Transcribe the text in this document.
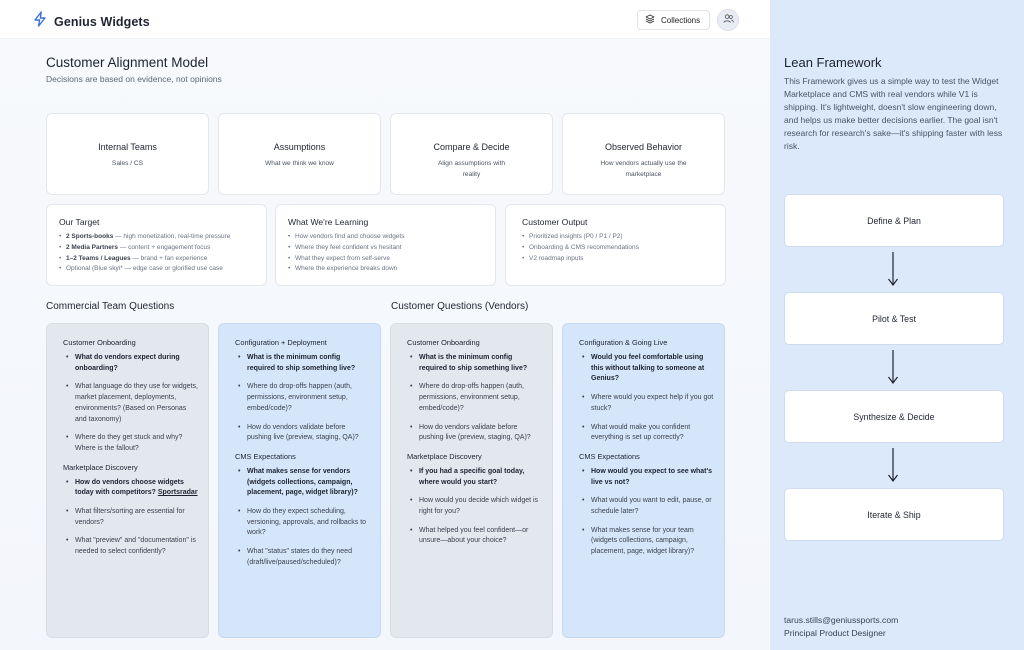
Genius Widgets	Collections
Customer Alignment Model
Decisions are based on evidence, not opinions
Internal Teams
Sales / CS
Assumptions
What we think we know
Compare & Decide
Align assumptions with reality
Observed Behavior
How vendors actually use the marketplace
Our Target
• 2 Sports-books — high monetization, real-time pressure
• 2 Media Partners — content + engagement focus
• 1–2 Teams / Leagues — brand + fan experience
• Optional (Blue skyi* — edge case or glorified use case
What We're Learning
• How vendors find and choose widgets
• Where they feel confident vs hesitant
• What they expect from self-serve
• Where the experience breaks down
Customer Output
• Prioritized insights (P0 / P1 / P2)
• Onboarding & CMS recommendations
• V2 roadmap inputs
Commercial Team Questions	Customer Questions (Vendors)
Customer Onboarding
• What do vendors expect during onboarding?
• What language do they use for widgets, market placement, deployments, environments? (Based on Personas and taxonomy)
• Where do they get stuck and why? Where is the fallout?
Marketplace Discovery
• How do vendors choose widgets today with competitors? Sportsradar
• What filters/sorting are essential for vendors?
• What "preview" and "documentation" is needed to select confidently?
Configuration + Deployment
• What is the minimum config required to ship something live?
• Where do drop-offs happen (auth, permissions, environment setup, embed/code)?
• How do vendors validate before pushing live (preview, staging, QA)?
CMS Expectations
• What makes sense for vendors (widgets collections, campaign, placement, page, widget library)?
• How do they expect scheduling, versioning, approvals, and rollbacks to work?
• What "status" states do they need (draft/live/paused/scheduled)?
Customer Onboarding
• What is the minimum config required to ship something live?
• Where do drop-offs happen (auth, permissions, environment setup, embed/code)?
• How do vendors validate before pushing live (preview, staging, QA)?
Marketplace Discovery
• If you had a specific goal today, where would you start?
• How would you decide which widget is right for you?
• What helped you feel confident—or unsure—about your choice?
Configuration & Going Live
• Would you feel comfortable using this without talking to someone at Genius?
• Where would you expect help if you got stuck?
• What would make you confident everything is set up correctly?
CMS Expectations
• How would you expect to see what's live vs not?
• What would you want to edit, pause, or schedule later?
• What makes sense for your team (widgets collections, campaign, placement, page, widget library)?
Lean Framework
This Framework gives us a simple way to test the Widget Marketplace and CMS with real vendors while V1 is shipping. It's lightweight, doesn't slow engineering down, and helps us make better decisions earlier. The goal isn't research for research's sake—it's shipping faster with less risk.
Define & Plan
Pilot & Test
Synthesize & Decide
Iterate & Ship
tarus.stills@geniussports.com
Principal Product Designer
